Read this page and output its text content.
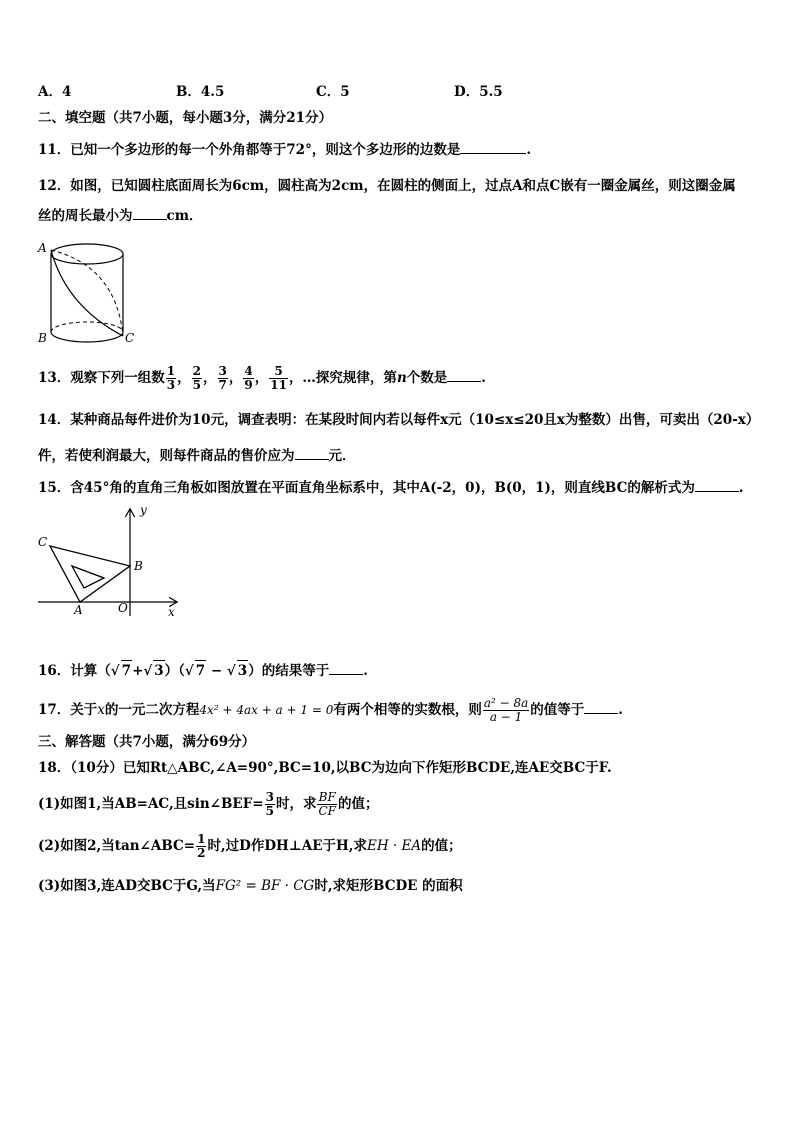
A．4	B．4.5	C．5	D．5.5
二、填空题（共7小题，每小题3分，满分21分）
11．已知一个多边形的每一个外角都等于72°，则这个多边形的边数是	.
12．如图，已知圆柱底面周长为6cm，圆柱高为2cm，在圆柱的侧面上，过点A和点C嵌有一圈金属丝，则这圈金属
丝的周长最小为	cm．
A
B	C
13．观察下列一组数 $\frac{1}{3}$ ， $\frac{2}{5}$ ， $\frac{3}{7}$ ， $\frac{4}{9}$ ， $\frac{5}{11}$ ，…探究规律，第n个数是	.
14．某种商品每件进价为10元，调查表明：在某段时间内若以每件x元（10≤x≤20且x为整数）出售，可卖出（20-x）
件，若使利润最大，则每件商品的售价应为	元．
15．含45°角的直角三角板如图放置在平面直角坐标系中，其中A(-2，0)，B(0，1)，则直线BC的解析式为	.
y
x
C
B
A	O
16．计算（√ 7+√ 3）（√ 7 − √ 3）的结果等于	.
17．关于x的一元二次方程4x² + 4ax + a + 1 = 0有两个相等的实数根，则 $\frac{\text{a² − 8a}}{a - 1}$ 的值等于	.
三、解答题（共7小题，满分69分）
18．（10分）已知Rt△ABC,∠A=90°,BC=10,以BC为边向下作矩形BCDE,连AE交BC于F.
(1)如图1,当AB=AC,且sin∠BEF= $\frac{3}{5}$ 时，求 $\frac{BF}{CF}$ 的值；
(2)如图2,当tan∠ABC= $\frac{1}{2}$ 时,过D作DH⊥AE于H,求EH · EA的值；
(3)如图3,连AD交BC于G,当FG² = BF · CG时,求矩形BCDE 的面积
